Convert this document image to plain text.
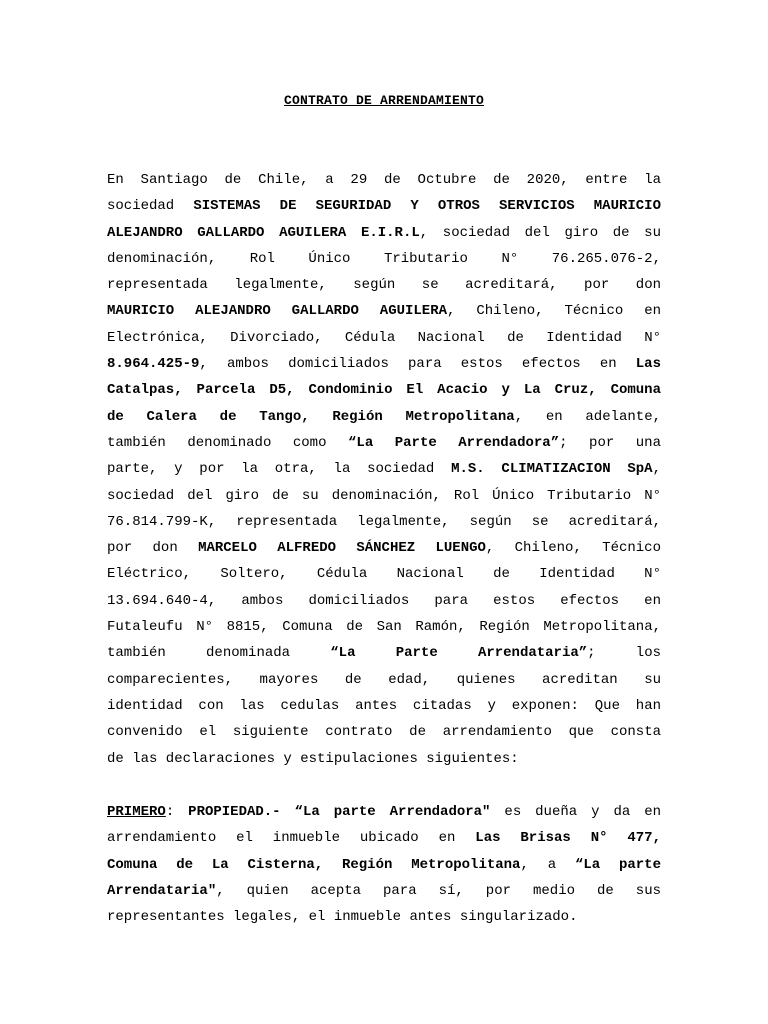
CONTRATO DE ARRENDAMIENTO
En Santiago de Chile, a 29 de Octubre de 2020, entre la
sociedad SISTEMAS DE SEGURIDAD Y OTROS SERVICIOS MAURICIO
ALEJANDRO GALLARDO AGUILERA E.I.R.L, sociedad del giro de su
denominación, Rol Único Tributario N° 76.265.076-2,
representada legalmente, según se acreditará, por don
MAURICIO ALEJANDRO GALLARDO AGUILERA, Chileno, Técnico en
Electrónica, Divorciado, Cédula Nacional de Identidad N°
8.964.425-9, ambos domiciliados para estos efectos en Las
Catalpas, Parcela D5, Condominio El Acacio y La Cruz, Comuna
de Calera de Tango, Región Metropolitana, en adelante,
también denominado como “La Parte Arrendadora”; por una
parte, y por la otra, la sociedad M.S. CLIMATIZACION SpA,
sociedad del giro de su denominación, Rol Único Tributario N°
76.814.799-K, representada legalmente, según se acreditará,
por don MARCELO ALFREDO SÁNCHEZ LUENGO, Chileno, Técnico
Eléctrico, Soltero, Cédula Nacional de Identidad N°
13.694.640-4, ambos domiciliados para estos efectos en
Futaleufu N° 8815, Comuna de San Ramón, Región Metropolitana,
también denominada “La Parte Arrendataria”; los
comparecientes, mayores de edad, quienes acreditan su
identidad con las cedulas antes citadas y exponen: Que han
convenido el siguiente contrato de arrendamiento que consta
de las declaraciones y estipulaciones siguientes:
PRIMERO: PROPIEDAD.- “La parte Arrendadora" es dueña y da en
arrendamiento el inmueble ubicado en Las Brisas N° 477,
Comuna de La Cisterna, Región Metropolitana, a “La parte
Arrendataria", quien acepta para sí, por medio de sus
representantes legales, el inmueble antes singularizado.
